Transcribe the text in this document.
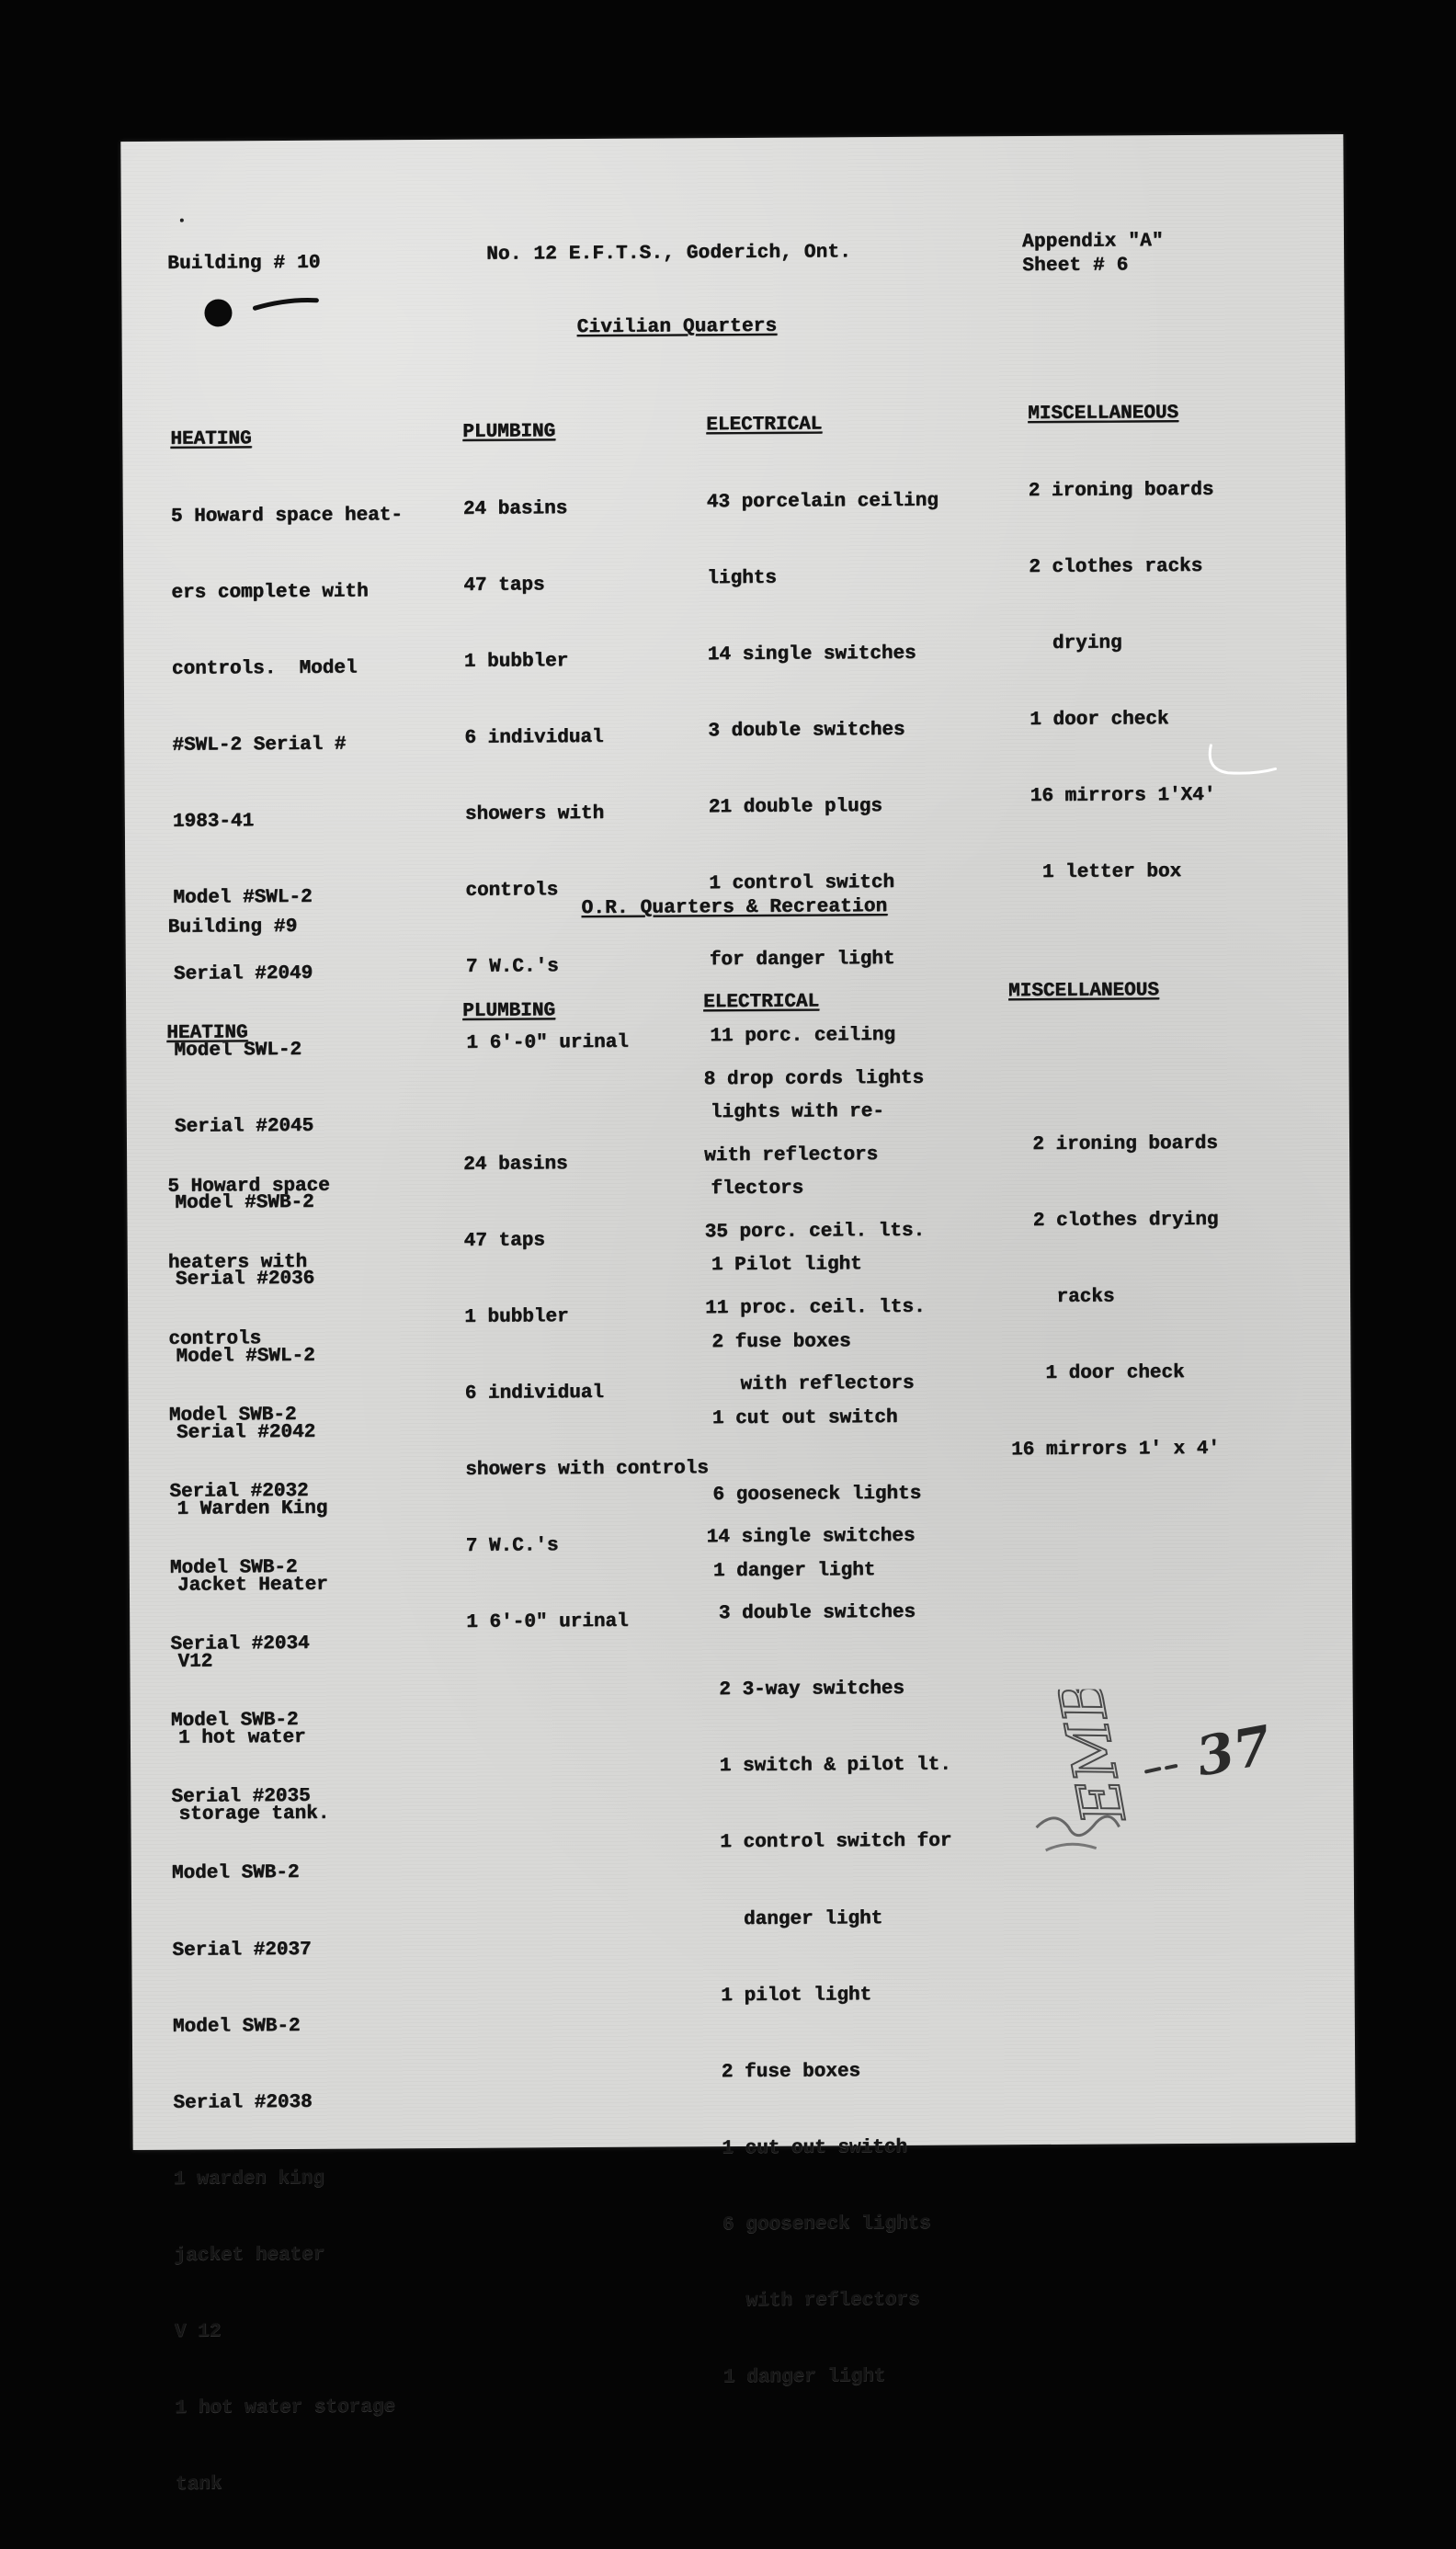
Building # 10	No. 12 E.F.T.S., Goderich, Ont.
Appendix "A"
Sheet # 6
Civilian Quarters

HEATING

5 Howard space heat-

ers complete with

controls.  Model

#SWL-2 Serial #

1983-41

Model #SWL-2

Serial #2049

Model SWL-2

Serial #2045

Model #SWB-2

Serial #2036

Model #SWL-2

Serial #2042

1 Warden King

Jacket Heater

V12

1 hot water

storage tank.

PLUMBING

24 basins

47 taps

1 bubbler

6 individual

showers with

controls

7 W.C.'s

1 6'-0" urinal

ELECTRICAL

43 porcelain ceiling

lights

14 single switches

3 double switches

21 double plugs

1 control switch

for danger light

11 porc. ceiling

lights with re-

flectors

1 Pilot light

2 fuse boxes

1 cut out switch

6 gooseneck lights

1 danger light

MISCELLANEOUS

2 ironing boards

2 clothes racks

drying

1 door check

16 mirrors 1'X4'

1 letter box

Building #9
O.R. Quarters & Recreation

HEATING

5 Howard space

heaters with

controls

Model SWB-2

Serial #2032

Model SWB-2

Serial #2034

Model SWB-2

Serial #2035

Model SWB-2

Serial #2037

Model SWB-2

Serial #2038

1 warden king

jacket heater

V 12

1 hot water storage

tank

PLUMBING

24 basins

47 taps

1 bubbler

6 individual

showers with controls

7 W.C.'s

1 6'-0" urinal

ELECTRICAL

8 drop cords lights

with reflectors

35 porc. ceil. lts.

11 proc. ceil. lts.

with reflectors

14 single switches

3 double switches

2 3-way switches

1 switch & pilot lt.

1 control switch for

danger light

1 pilot light

2 fuse boxes

1 cut out switch

6 gooseneck lights

with reflectors

1 danger light

MISCELLANEOUS

2 ironing boards

2 clothes drying

racks

1 door check

16 mirrors 1' x 4'

EMB 37
